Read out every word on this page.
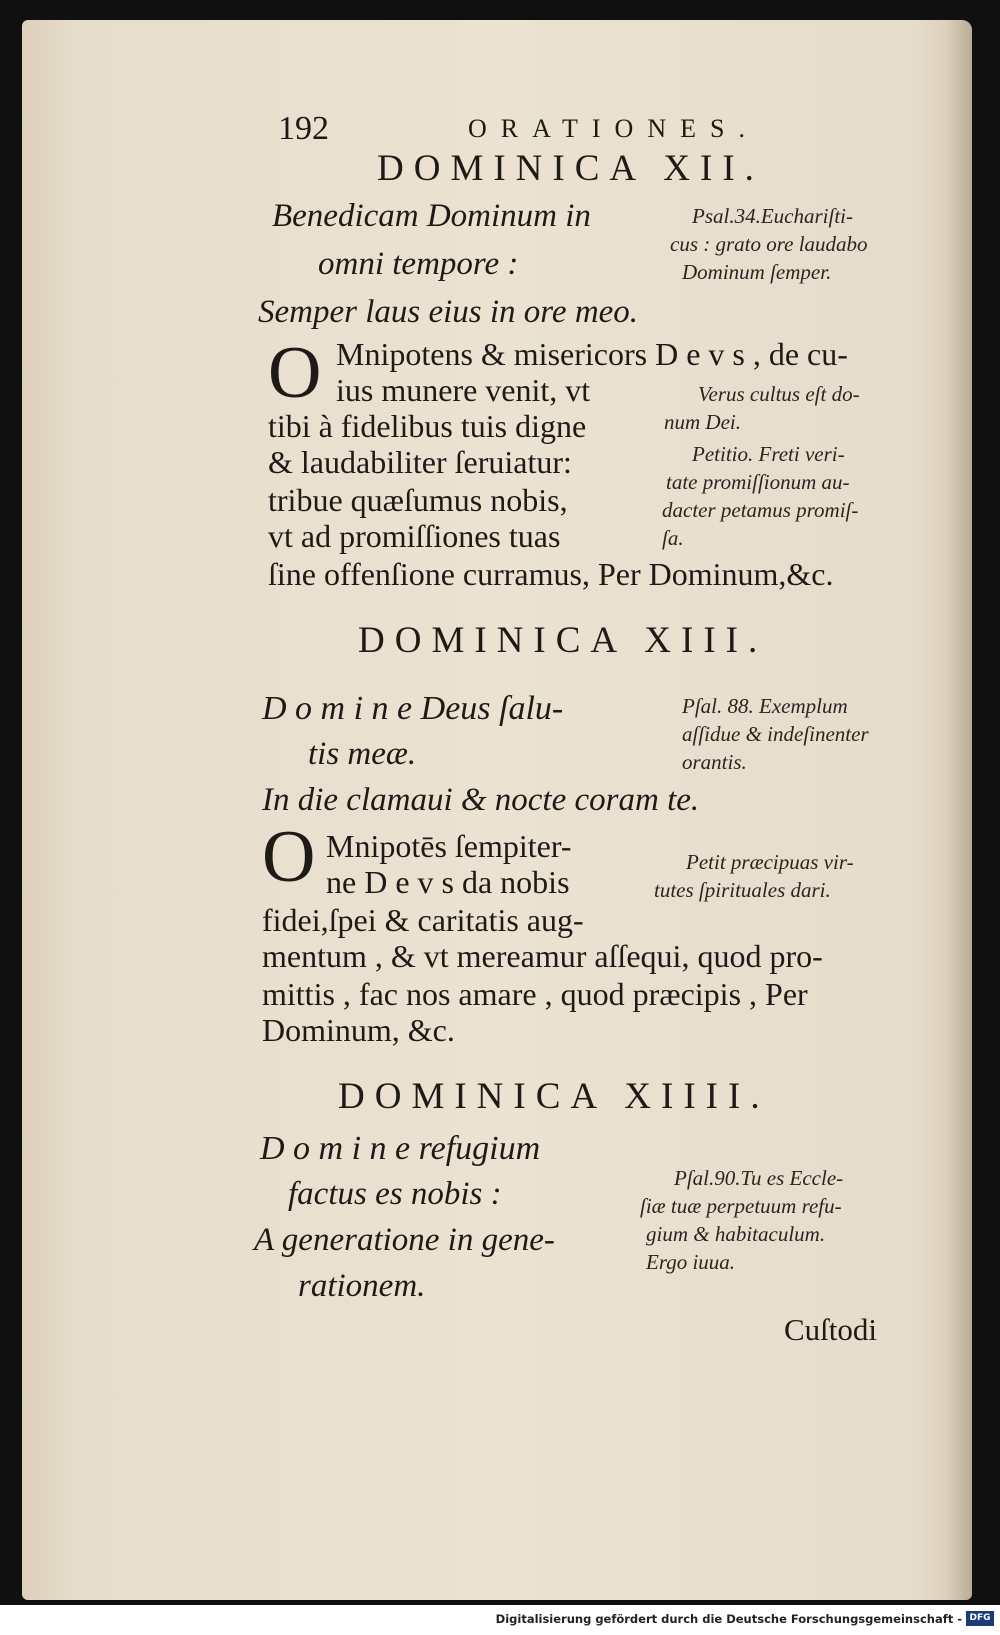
192	ORATIONES.
DOMINICA XII.
Benedicam Dominum in
omni tempore :
Semper laus eius in ore meo.
Psal.34.Euchariſti-
cus : grato ore laudabo
Dominum ſemper.
O Mnipotens & misericors D e v s , de cu-
ius munere venit, vt
tibi à fidelibus tuis digne
& laudabiliter ſeruiatur:
tribue quæſumus nobis,
vt ad promiſſiones tuas
ſine offenſione curramus, Per Dominum,&c.
Verus cultus eſt do-
num Dei.
Petitio. Freti veri-
tate promiſſionum au-
dacter petamus promiſ-
ſa.
DOMINICA XIII.
D o m i n e Deus ſalu-
tis meæ.
In die clamaui & nocte coram te.
Pſal. 88. Exemplum
aſſidue & indeſinenter
orantis.
O Mnipotēs ſempiter-
ne D e v s da nobis
fidei,ſpei & caritatis aug-
mentum , & vt mereamur aſſequi, quod pro-
mittis , fac nos amare , quod præcipis , Per
Dominum, &c.
Petit præcipuas vir-
tutes ſpirituales dari.
DOMINICA XIIII.
D o m i n e refugium
factus es nobis :
A generatione in gene-
rationem.
Pſal.90.Tu es Eccle-
ſiæ tuæ perpetuum refu-
gium & habitaculum.
Ergo iuua.
Cuſtodi
Digitalisierung gefördert durch die Deutsche Forschungsgemeinschaft - DFG
